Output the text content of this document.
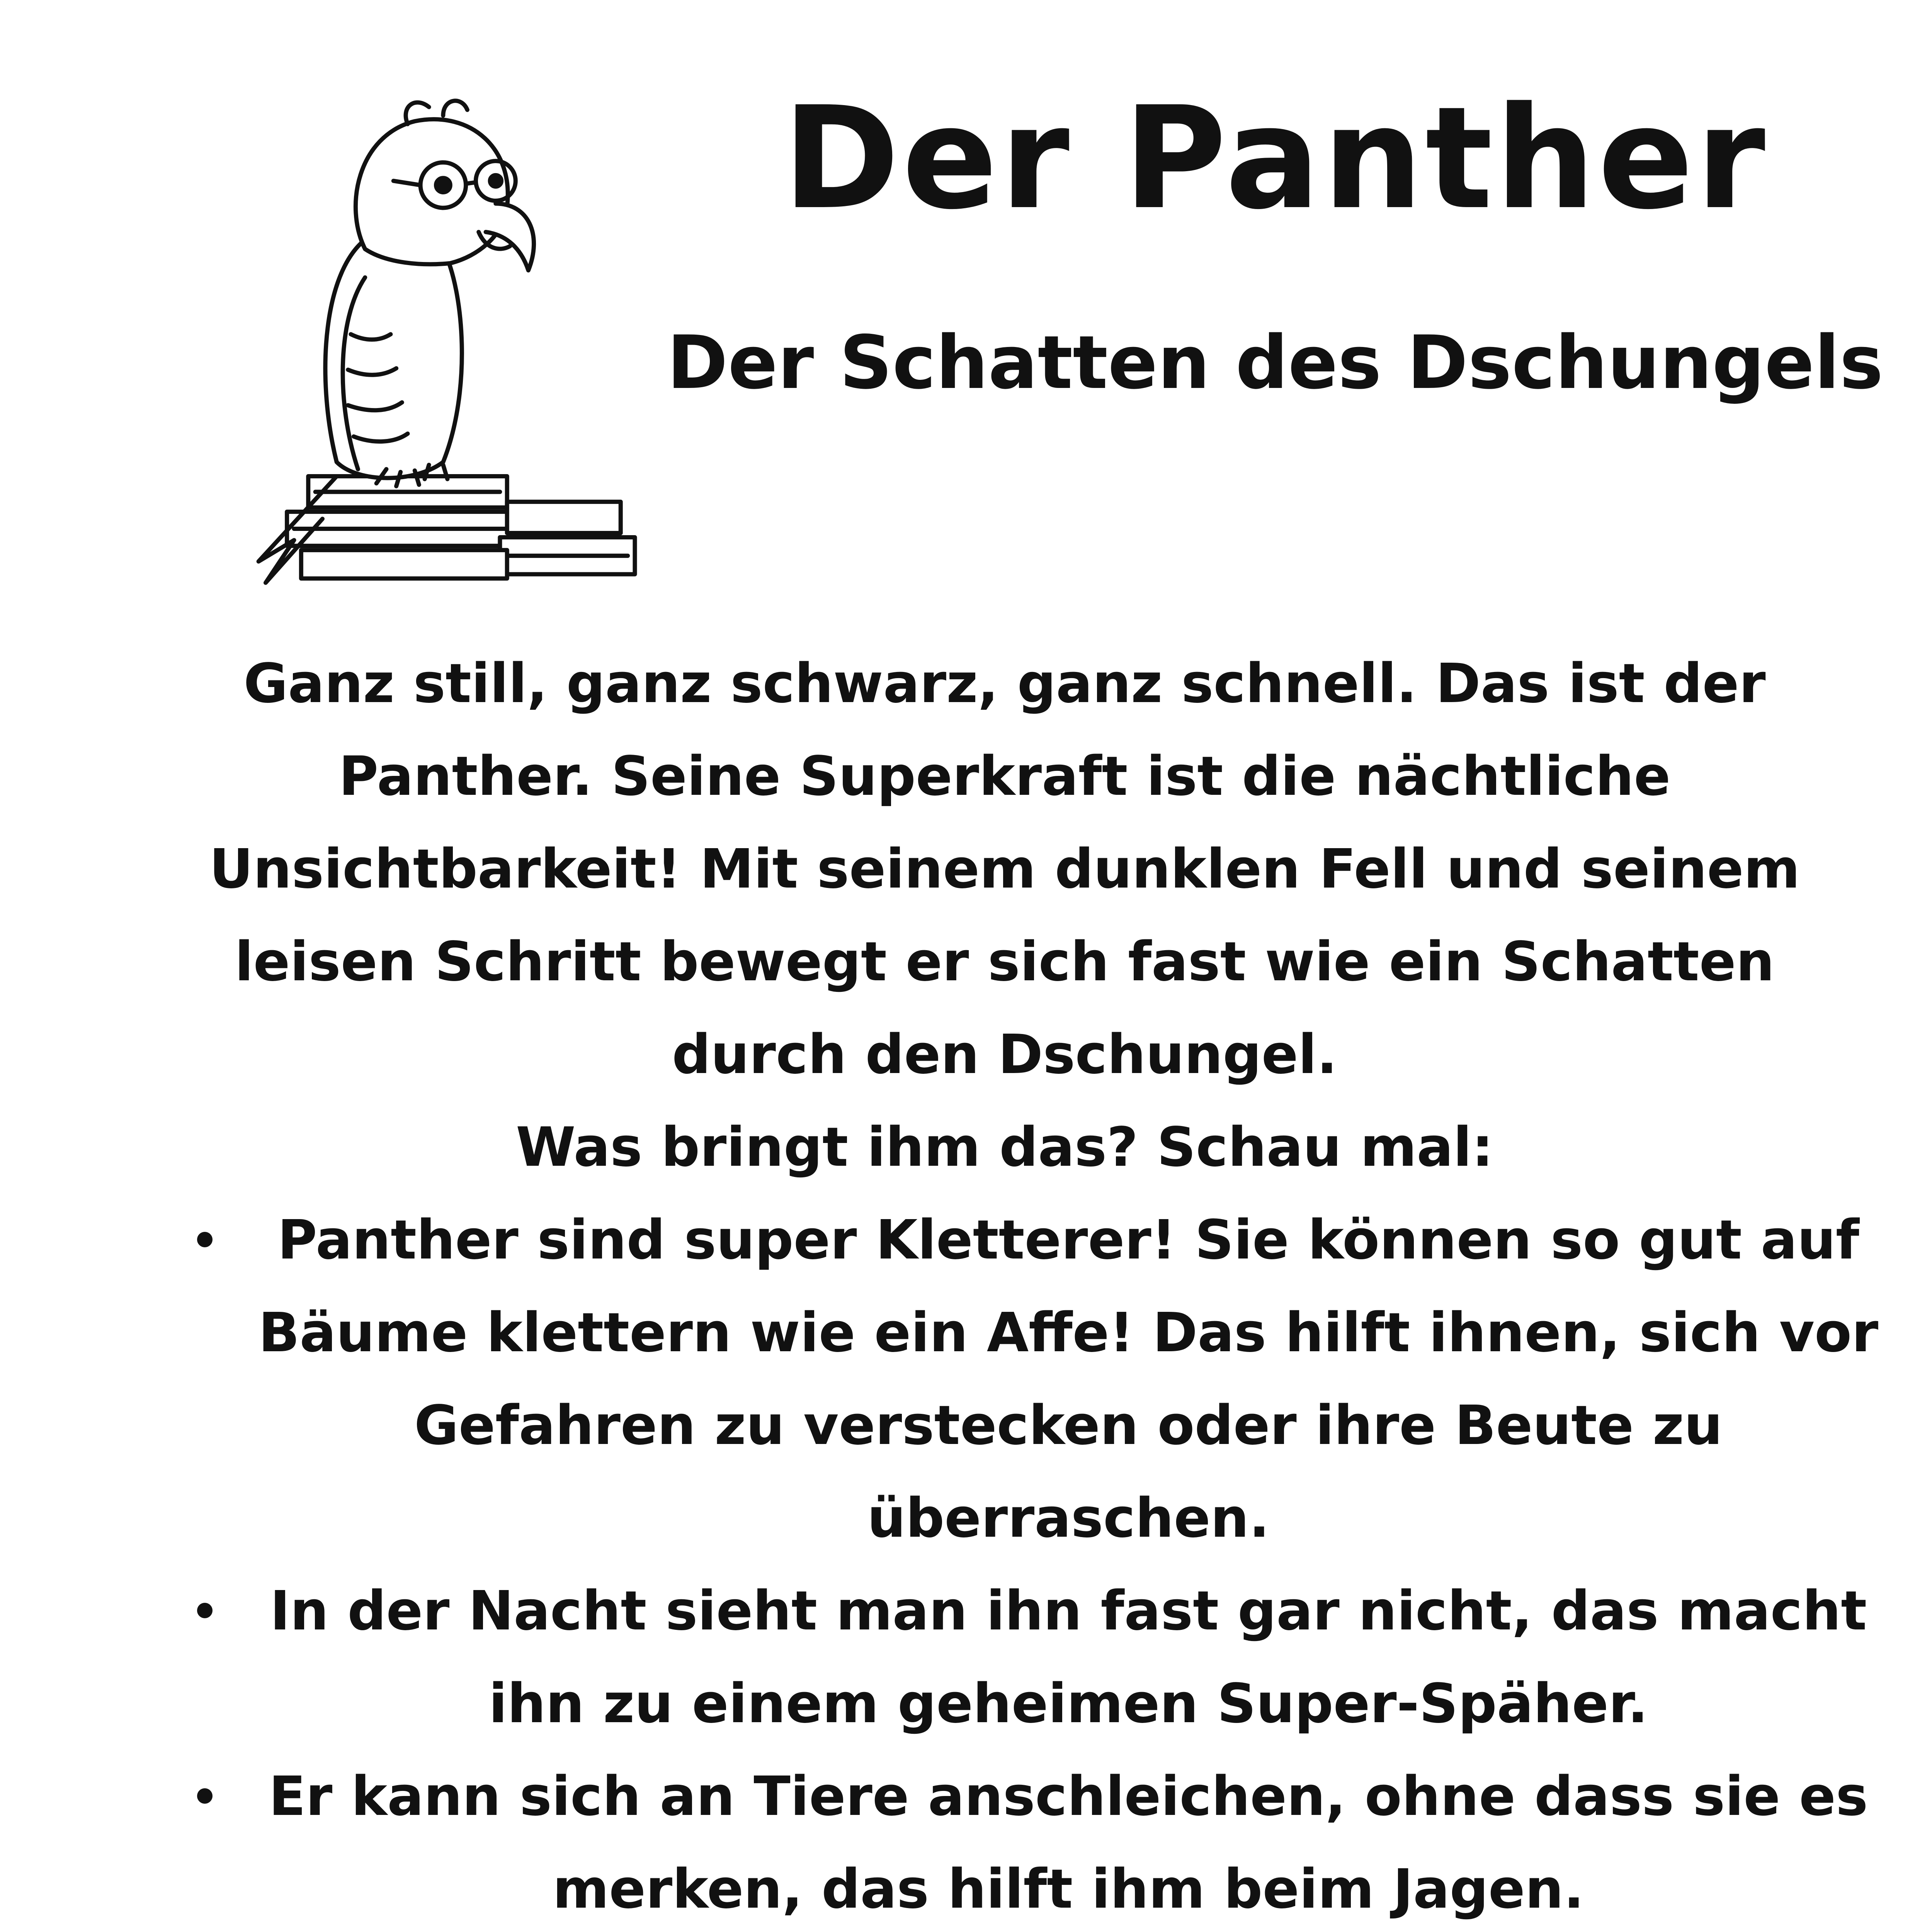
Der Panther
Der Schatten des Dschungels

Ganz still, ganz schwarz, ganz schnell. Das ist der Panther. Seine Superkraft ist die nächtliche Unsichtbarkeit! Mit seinem dunklen Fell und seinem leisen Schritt bewegt er sich fast wie ein Schatten durch den Dschungel.

Was bringt ihm das? Schau mal:

Panther sind super Kletterer! Sie können so gut auf Bäume klettern wie ein Affe! Das hilft ihnen, sich vor Gefahren zu verstecken oder ihre Beute zu überraschen.
In der Nacht sieht man ihn fast gar nicht, das macht ihn zu einem geheimen Super-Späher.
Er kann sich an Tiere anschleichen, ohne dass sie es merken, das hilft ihm beim Jagen.
